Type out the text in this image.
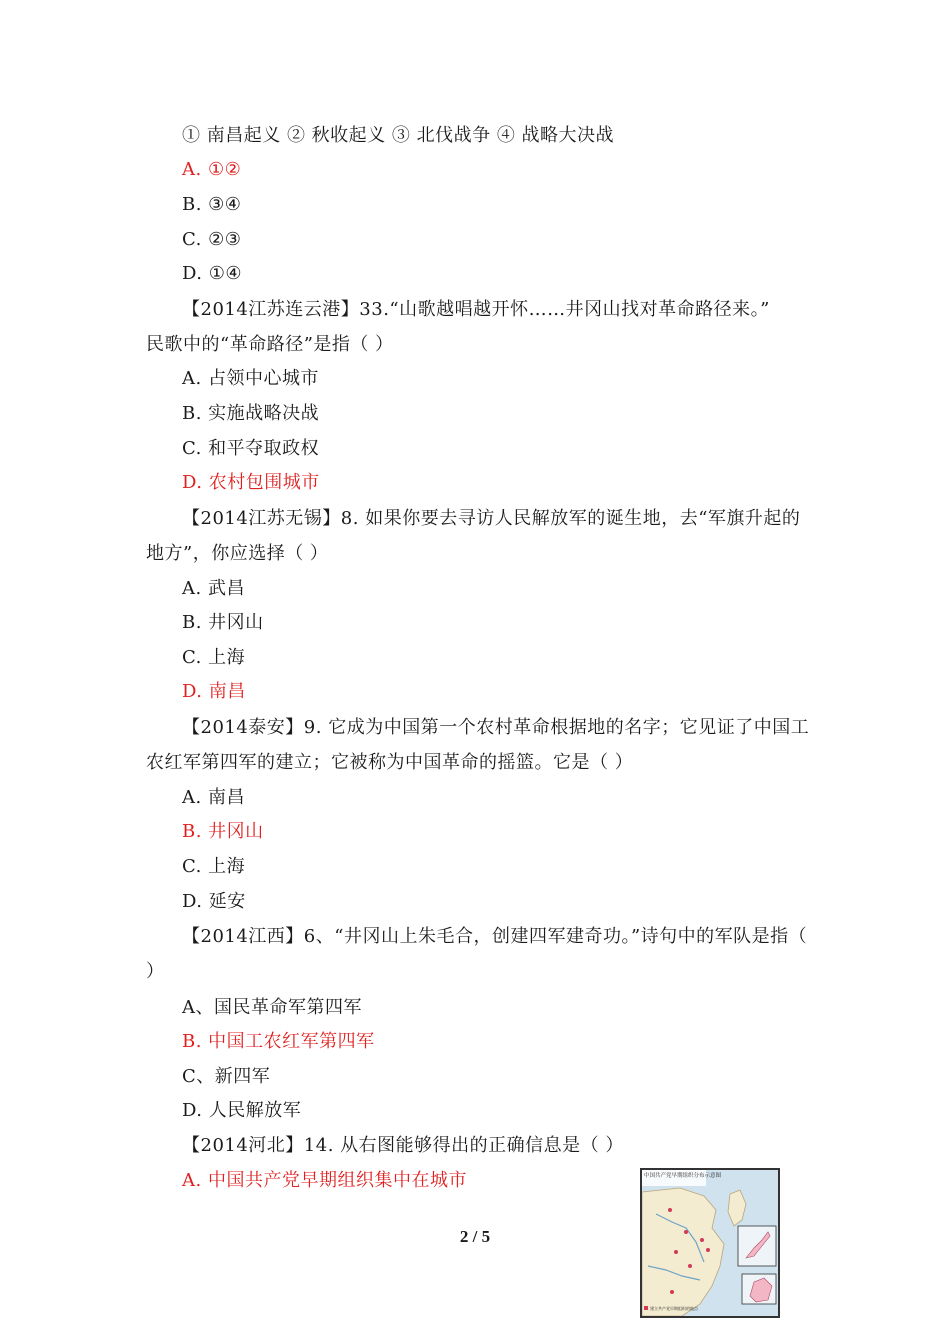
① 南昌起义 ② 秋收起义 ③ 北伐战争 ④ 战略大决战
A. ①②
B. ③④
C. ②③
D. ①④
【2014江苏连云港】33.“山歌越唱越开怀……井冈山找对革命路径来。”
民歌中的“革命路径”是指（ ）
A. 占领中心城市
B. 实施战略决战
C. 和平夺取政权
D. 农村包围城市
【2014江苏无锡】8. 如果你要去寻访人民解放军的诞生地，去“军旗升起的
地方”，你应选择（ ）
A. 武昌
B. 井冈山
C. 上海
D. 南昌
【2014泰安】9. 它成为中国第一个农村革命根据地的名字；它见证了中国工
农红军第四军的建立；它被称为中国革命的摇篮。它是（ ）
A. 南昌
B. 井冈山
C. 上海
D. 延安
【2014江西】6、“井冈山上朱毛合，创建四军建奇功。”诗句中的军队是指（
）
A、国民革命军第四军
B. 中国工农红军第四军
C、新四军
D. 人民解放军
【2014河北】14. 从右图能够得出的正确信息是（ ）
A. 中国共产党早期组织集中在城市
2 / 5
中国共产党早期组织分布示意图
建立共产党早期组织的地点
